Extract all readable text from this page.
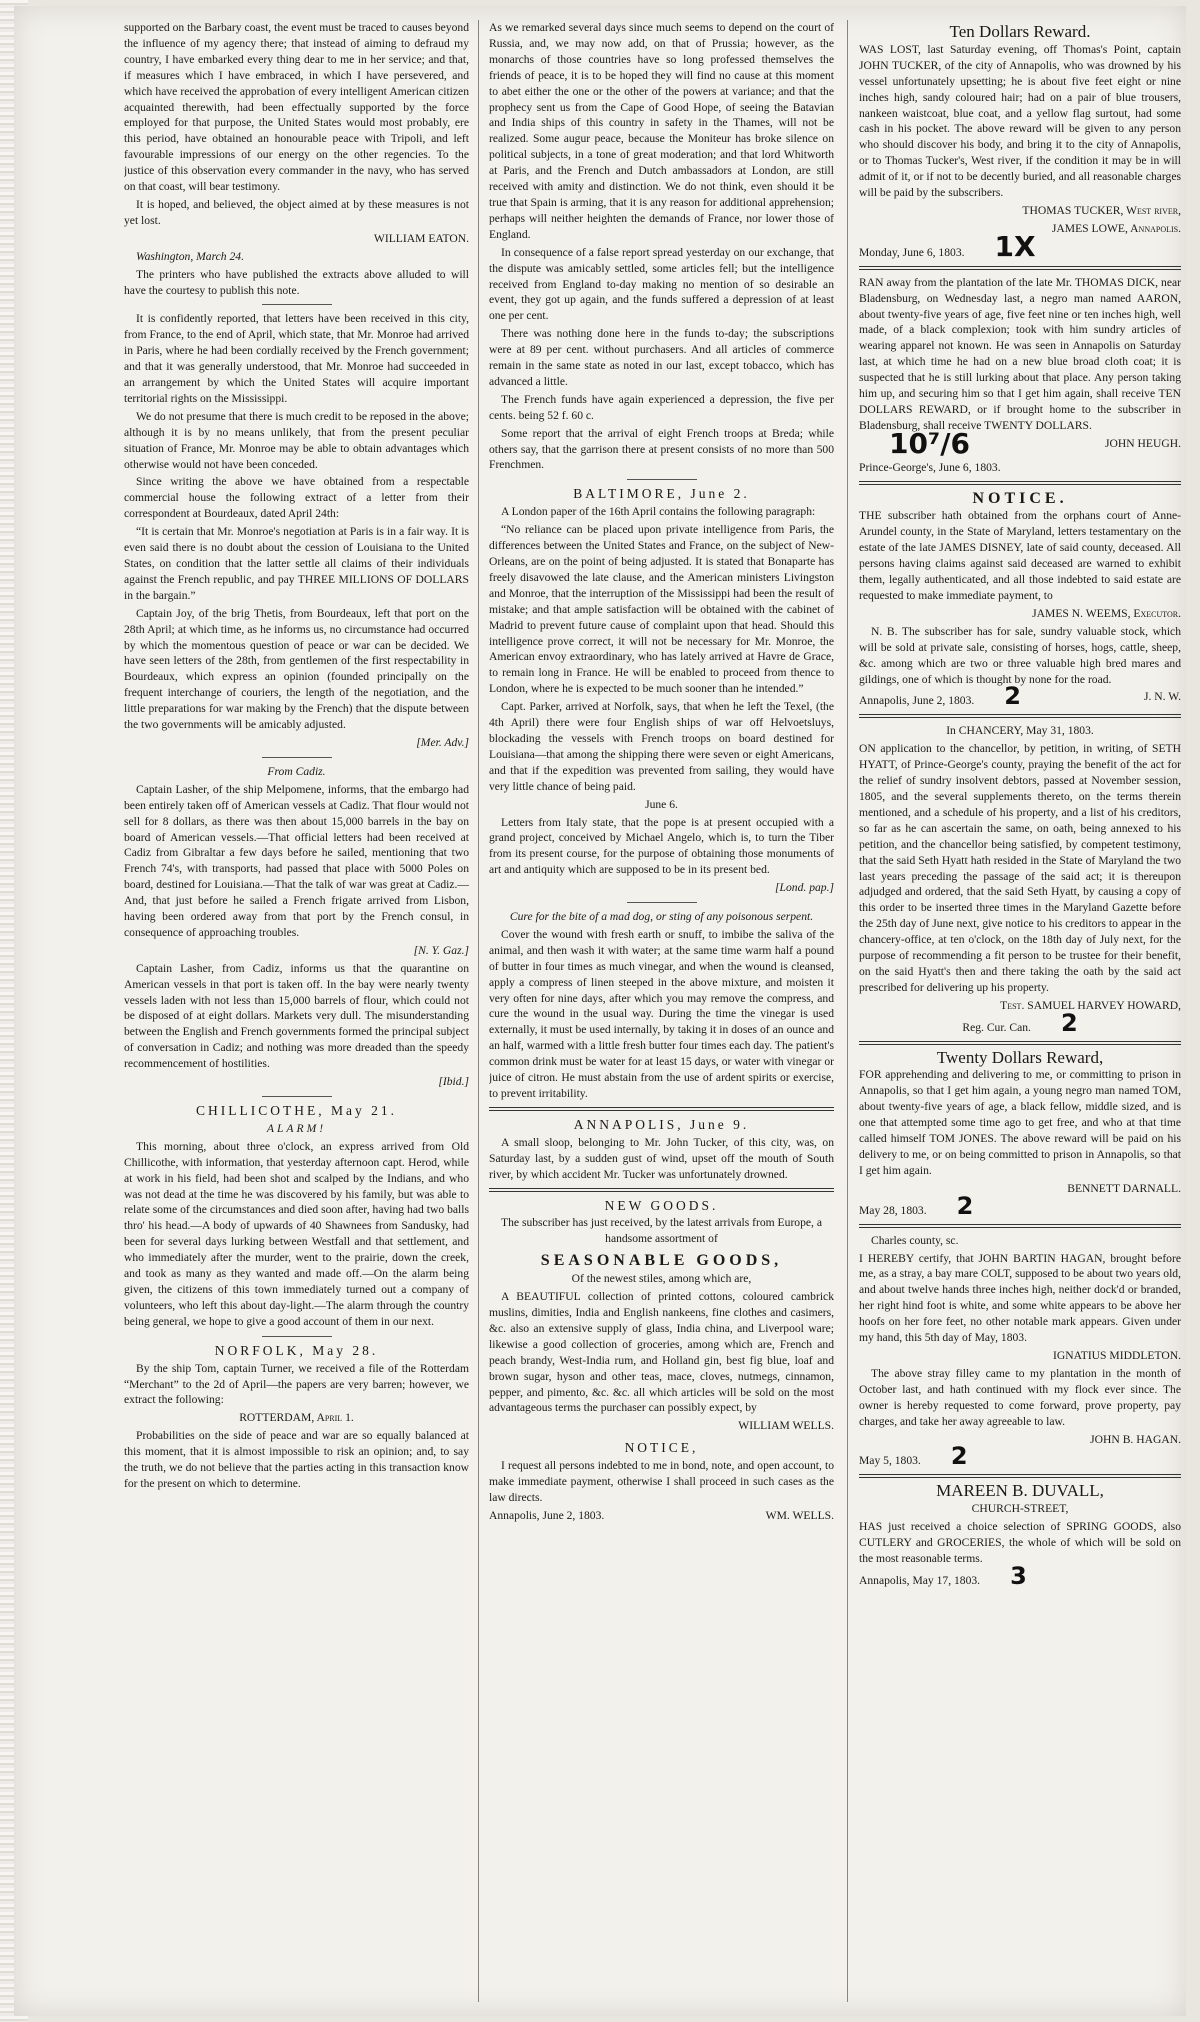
supported on the Barbary coast, the event must be traced to causes beyond the influence of my agency there; that instead of aiming to defraud my country, I have embarked every thing dear to me in her service; and that, if measures which I have embraced, in which I have persevered, and which have received the approbation of every intelligent American citizen acquainted therewith, had been effectually supported by the force employed for that purpose, the United States would most probably, ere this period, have obtained an honourable peace with Tripoli, and left favourable impressions of our energy on the other regencies. To the justice of this observation every commander in the navy, who has served on that coast, will bear testimony.

It is hoped, and believed, the object aimed at by these measures is not yet lost.

WILLIAM EATON.

Washington, March 24.

The printers who have published the extracts above alluded to will have the courtesy to publish this note.

It is confidently reported, that letters have been received in this city, from France, to the end of April, which state, that Mr. Monroe had arrived in Paris, where he had been cordially received by the French government; and that it was generally understood, that Mr. Monroe had succeeded in an arrangement by which the United States will acquire important territorial rights on the Mississippi.

We do not presume that there is much credit to be reposed in the above; although it is by no means unlikely, that from the present peculiar situation of France, Mr. Monroe may be able to obtain advantages which otherwise would not have been conceded.

Since writing the above we have obtained from a respectable commercial house the following extract of a letter from their correspondent at Bourdeaux, dated April 24th:

“It is certain that Mr. Monroe's negotiation at Paris is in a fair way. It is even said there is no doubt about the cession of Louisiana to the United States, on condition that the latter settle all claims of their individuals against the French republic, and pay THREE MILLIONS OF DOLLARS in the bargain.”

Captain Joy, of the brig Thetis, from Bourdeaux, left that port on the 28th April; at which time, as he informs us, no circumstance had occurred by which the momentous question of peace or war can be decided. We have seen letters of the 28th, from gentlemen of the first respectability in Bourdeaux, which express an opinion (founded principally on the frequent interchange of couriers, the length of the negotiation, and the little preparations for war making by the French) that the dispute between the two governments will be amicably adjusted.

[Mer. Adv.]

From Cadiz.

Captain Lasher, of the ship Melpomene, informs, that the embargo had been entirely taken off of American vessels at Cadiz. That flour would not sell for 8 dollars, as there was then about 15,000 barrels in the bay on board of American vessels.—That official letters had been received at Cadiz from Gibraltar a few days before he sailed, mentioning that two French 74's, with transports, had passed that place with 5000 Poles on board, destined for Louisiana.—That the talk of war was great at Cadiz.—And, that just before he sailed a French frigate arrived from Lisbon, having been ordered away from that port by the French consul, in consequence of approaching troubles.

[N. Y. Gaz.]

Captain Lasher, from Cadiz, informs us that the quarantine on American vessels in that port is taken off. In the bay were nearly twenty vessels laden with not less than 15,000 barrels of flour, which could not be disposed of at eight dollars. Markets very dull. The misunderstanding between the English and French governments formed the principal subject of conversation in Cadiz; and nothing was more dreaded than the speedy recommencement of hostilities.

[Ibid.]

CHILLICOTHE, May 21.

ALARM!

This morning, about three o'clock, an express arrived from Old Chillicothe, with information, that yesterday afternoon capt. Herod, while at work in his field, had been shot and scalped by the Indians, and who was not dead at the time he was discovered by his family, but was able to relate some of the circumstances and died soon after, having had two balls thro' his head.—A body of upwards of 40 Shawnees from Sandusky, had been for several days lurking between Westfall and that settlement, and who immediately after the murder, went to the prairie, down the creek, and took as many as they wanted and made off.—On the alarm being given, the citizens of this town immediately turned out a company of volunteers, who left this about day-light.—The alarm through the country being general, we hope to give a good account of them in our next.

NORFOLK, May 28.

By the ship Tom, captain Turner, we received a file of the Rotterdam “Merchant” to the 2d of April—the papers are very barren; however, we extract the following:

ROTTERDAM, April 1.

Probabilities on the side of peace and war are so equally balanced at this moment, that it is almost impossible to risk an opinion; and, to say the truth, we do not believe that the parties acting in this transaction know for the present on which to determine.

As we remarked several days since much seems to depend on the court of Russia, and, we may now add, on that of Prussia; however, as the monarchs of those countries have so long professed themselves the friends of peace, it is to be hoped they will find no cause at this moment to abet either the one or the other of the powers at variance; and that the prophecy sent us from the Cape of Good Hope, of seeing the Batavian and India ships of this country in safety in the Thames, will not be realized. Some augur peace, because the Moniteur has broke silence on political subjects, in a tone of great moderation; and that lord Whitworth at Paris, and the French and Dutch ambassadors at London, are still received with amity and distinction. We do not think, even should it be true that Spain is arming, that it is any reason for additional apprehension; perhaps will neither heighten the demands of France, nor lower those of England.

In consequence of a false report spread yesterday on our exchange, that the dispute was amicably settled, some articles fell; but the intelligence received from England to-day making no mention of so desirable an event, they got up again, and the funds suffered a depression of at least one per cent.

There was nothing done here in the funds to-day; the subscriptions were at 89 per cent. without purchasers. And all articles of commerce remain in the same state as noted in our last, except tobacco, which has advanced a little.

The French funds have again experienced a depression, the five per cents. being 52 f. 60 c.

Some report that the arrival of eight French troops at Breda; while others say, that the garrison there at present consists of no more than 500 Frenchmen.

BALTIMORE, June 2.

A London paper of the 16th April contains the following paragraph:

“No reliance can be placed upon private intelligence from Paris, the differences between the United States and France, on the subject of New-Orleans, are on the point of being adjusted. It is stated that Bonaparte has freely disavowed the late clause, and the American ministers Livingston and Monroe, that the interruption of the Mississippi had been the result of mistake; and that ample satisfaction will be obtained with the cabinet of Madrid to prevent future cause of complaint upon that head. Should this intelligence prove correct, it will not be necessary for Mr. Monroe, the American envoy extraordinary, who has lately arrived at Havre de Grace, to remain long in France. He will be enabled to proceed from thence to London, where he is expected to be much sooner than he intended.”

Capt. Parker, arrived at Norfolk, says, that when he left the Texel, (the 4th April) there were four English ships of war off Helvoetsluys, blockading the vessels with French troops on board destined for Louisiana—that among the shipping there were seven or eight Americans, and that if the expedition was prevented from sailing, they would have very little chance of being paid.

June 6.

Letters from Italy state, that the pope is at present occupied with a grand project, conceived by Michael Angelo, which is, to turn the Tiber from its present course, for the purpose of obtaining those monuments of art and antiquity which are supposed to be in its present bed.

[Lond. pap.]

Cure for the bite of a mad dog, or sting of any poisonous serpent.

Cover the wound with fresh earth or snuff, to imbibe the saliva of the animal, and then wash it with water; at the same time warm half a pound of butter in four times as much vinegar, and when the wound is cleansed, apply a compress of linen steeped in the above mixture, and moisten it very often for nine days, after which you may remove the compress, and cure the wound in the usual way. During the time the vinegar is used externally, it must be used internally, by taking it in doses of an ounce and an half, warmed with a little fresh butter four times each day. The patient's common drink must be water for at least 15 days, or water with vinegar or juice of citron. He must abstain from the use of ardent spirits or exercise, to prevent irritability.

ANNAPOLIS, June 9.

A small sloop, belonging to Mr. John Tucker, of this city, was, on Saturday last, by a sudden gust of wind, upset off the mouth of South river, by which accident Mr. Tucker was unfortunately drowned.

NEW GOODS.

The subscriber has just received, by the latest arrivals from Europe, a handsome assortment of

SEASONABLE GOODS,

Of the newest stiles, among which are,

A BEAUTIFUL collection of printed cottons, coloured cambrick muslins, dimities, India and English nankeens, fine clothes and casimers, &c. also an extensive supply of glass, India china, and Liverpool ware; likewise a good collection of groceries, among which are, French and peach brandy, West-India rum, and Holland gin, best fig blue, loaf and brown sugar, hyson and other teas, mace, cloves, nutmegs, cinnamon, pepper, and pimento, &c. &c. all which articles will be sold on the most advantageous terms the purchaser can possibly expect, by

WILLIAM WELLS.

NOTICE,

I request all persons indebted to me in bond, note, and open account, to make immediate payment, otherwise I shall proceed in such cases as the law directs.

Annapolis, June 2, 1803.	WM. WELLS.

Ten Dollars Reward.

WAS LOST, last Saturday evening, off Thomas's Point, captain JOHN TUCKER, of the city of Annapolis, who was drowned by his vessel unfortunately upsetting; he is about five feet eight or nine inches high, sandy coloured hair; had on a pair of blue trousers, nankeen waistcoat, blue coat, and a yellow flag surtout, had some cash in his pocket. The above reward will be given to any person who should discover his body, and bring it to the city of Annapolis, or to Thomas Tucker's, West river, if the condition it may be in will admit of it, or if not to be decently buried, and all reasonable charges will be paid by the subscribers.

THOMAS TUCKER, West river,

JAMES LOWE, Annapolis.

Monday, June 6, 1803. 1X

RAN away from the plantation of the late Mr. THOMAS DICK, near Bladensburg, on Wednesday last, a negro man named AARON, about twenty-five years of age, five feet nine or ten inches high, well made, of a black complexion; took with him sundry articles of wearing apparel not known. He was seen in Annapolis on Saturday last, at which time he had on a new blue broad cloth coat; it is suspected that he is still lurking about that place. Any person taking him up, and securing him so that I get him again, shall receive TEN DOLLARS REWARD, or if brought home to the subscriber in Bladensburg, shall receive TWENTY DOLLARS.

10⁷/6	JOHN HEUGH.

Prince-George's, June 6, 1803.

NOTICE.

THE subscriber hath obtained from the orphans court of Anne-Arundel county, in the State of Maryland, letters testamentary on the estate of the late JAMES DISNEY, late of said county, deceased. All persons having claims against said deceased are warned to exhibit them, legally authenticated, and all those indebted to said estate are requested to make immediate payment, to

JAMES N. WEEMS, Executor.

N. B. The subscriber has for sale, sundry valuable stock, which will be sold at private sale, consisting of horses, hogs, cattle, sheep, &c. among which are two or three valuable high bred mares and gildings, one of which is thought by none for the road.

Annapolis, June 2, 1803. 2	J. N. W.

In CHANCERY, May 31, 1803.

ON application to the chancellor, by petition, in writing, of SETH HYATT, of Prince-George's county, praying the benefit of the act for the relief of sundry insolvent debtors, passed at November session, 1805, and the several supplements thereto, on the terms therein mentioned, and a schedule of his property, and a list of his creditors, so far as he can ascertain the same, on oath, being annexed to his petition, and the chancellor being satisfied, by competent testimony, that the said Seth Hyatt hath resided in the State of Maryland the two last years preceding the passage of the said act; it is thereupon adjudged and ordered, that the said Seth Hyatt, by causing a copy of this order to be inserted three times in the Maryland Gazette before the 25th day of June next, give notice to his creditors to appear in the chancery-office, at ten o'clock, on the 18th day of July next, for the purpose of recommending a fit person to be trustee for their benefit, on the said Hyatt's then and there taking the oath by the said act prescribed for delivering up his property.

Test. SAMUEL HARVEY HOWARD,

Reg. Cur. Can. 2

Twenty Dollars Reward,

FOR apprehending and delivering to me, or committing to prison in Annapolis, so that I get him again, a young negro man named TOM, about twenty-five years of age, a black fellow, middle sized, and is one that attempted some time ago to get free, and who at that time called himself TOM JONES. The above reward will be paid on his delivery to me, or on being committed to prison in Annapolis, so that I get him again.

BENNETT DARNALL.

May 28, 1803. 2

Charles county, sc.

I HEREBY certify, that JOHN BARTIN HAGAN, brought before me, as a stray, a bay mare COLT, supposed to be about two years old, and about twelve hands three inches high, neither dock'd or branded, her right hind foot is white, and some white appears to be above her hoofs on her fore feet, no other notable mark appears. Given under my hand, this 5th day of May, 1803.

IGNATIUS MIDDLETON.

The above stray filley came to my plantation in the month of October last, and hath continued with my flock ever since. The owner is hereby requested to come forward, prove property, pay charges, and take her away agreeable to law.

JOHN B. HAGAN.

May 5, 1803. 2

MAREEN B. DUVALL,

CHURCH-STREET,

HAS just received a choice selection of SPRING GOODS, also CUTLERY and GROCERIES, the whole of which will be sold on the most reasonable terms.

Annapolis, May 17, 1803. 3
